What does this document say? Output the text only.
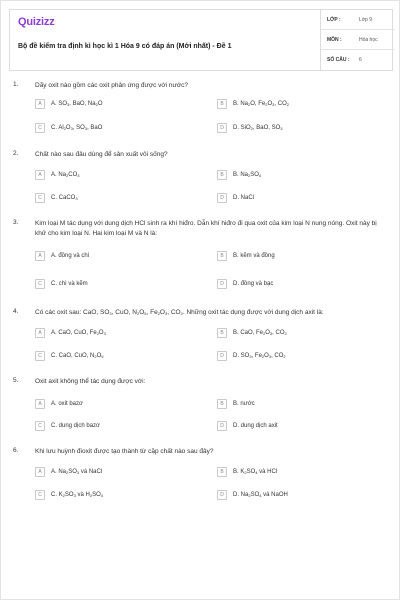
Quizizz
Bộ đề kiểm tra định kì học kì 1 Hóa 9 có đáp án (Mới nhất) - Đề 1
LỚP :	Lớp 9
MÔN :	Hóa học
SỐ CÂU : 6
1.	Dãy oxit nào gồm các oxit phản ứng được với nước?
2.	Chất nào sau đâu dùng để sản xuất vôi sống?
3.	Kim loại M tác dụng với dung dịch HCl sinh ra khí hiđro. Dẫn khí hiđro đi qua oxit của kim loại N nung nóng. Oxit này bị khử cho kim loại N. Hai kim loại M và N là:
4.	Có các oxit sau: CaO, $SO_3$, CuO, $N_2O_5$, $Fe_2O_3$, $CO_2$. Những oxit tác dụng được với dung dịch axit là:
5.	Oxit axit không thể tác dụng được với:
6.	Khi lưu huỳnh đioxit được tạo thành từ cặp chất nào sau đây?
A	A. $SO_3$, BaO, $Na_2O$	B	B. $Na_2O$, $Fe_2O_3$, $CO_2$
C	C. $Al_2O_3$, $SO_3$, BaO	D	D. SiO$_2$, BaO, $SO_3$
A	A. $Na_2CO_3$	B	B. $Na_2SO_4$
C	C. CaCO$_3$	D	D. NaCl
A	A. đồng và chì	B	B. kẽm và đồng
C	C. chì và kẽm	D	D. đồng và bạc
A	A. CaO, CuO, $Fe_2O_3$	B	B. CaO, $Fe_2O_3$, $CO_2$
C	C. CaO, CuO, $N_2O_5$	D	D. $SO_3$, $Fe_2O_3$, $CO_2$
A	A. oxit bazơ	B	B. nước
C	C. dung dịch bazơ	D	D. dung dịch axit
A	A. $Na_2SO_3$ và NaCl	B	B. $K_2SO_4$ và HCl
C	C. $K_2SO_3$ và $H_2SO_4$	D	D. $Na_2SO_4$ và NaOH
